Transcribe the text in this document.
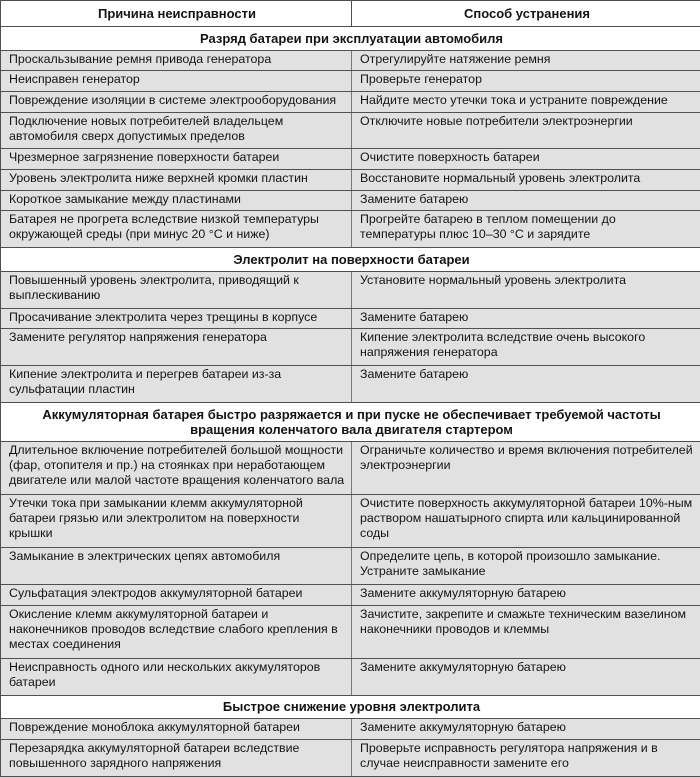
Причина неисправности	Способ устранения
Разряд батареи при эксплуатации автомобиля	
Проскальзывание ремня привода генератора	Отрегулируйте натяжение ремня
Неисправен генератор	Проверьте генератор
Повреждение изоляции в системе электрооборудования	Найдите место утечки тока и устраните повреждение
Подключение новых потребителей владельцем автомобиля сверх допустимых пределов	Отключите новые потребители электроэнергии
Чрезмерное загрязнение поверхности батареи	Очистите поверхность батареи
Уровень электролита ниже верхней кромки пластин	Восстановите нормальный уровень электролита
Короткое замыкание между пластинами	Замените батарею
Батарея не прогрета вследствие низкой температуры окружающей среды (при минус 20 °С и ниже)	Прогрейте батарею в теплом помещении до температуры плюс 10–30 °С и зарядите
Электролит на поверхности батареи	
Повышенный уровень электролита, приводящий к выплескиванию	Установите нормальный уровень электролита
Просачивание электролита через трещины в корпусе	Замените батарею
Замените регулятор напряжения генератора	Кипение электролита вследствие очень высокого напряжения генератора
Кипение электролита и перегрев батареи из-за сульфатации пластин	Замените батарею
Аккумуляторная батарея быстро разряжается и при пуске не обеспечивает требуемой частоты вращения коленчатого вала двигателя стартером	
Длительное включение потребителей большой мощности (фар, отопителя и пр.) на стоянках при неработающем двигателе или малой частоте вращения коленчатого вала	Ограничьте количество и время включения потребителей электроэнергии
Утечки тока при замыкании клемм аккумуляторной батареи грязью или электролитом на поверхности крышки	Очистите поверхность аккумуляторной батареи 10%-ным раствором нашатырного спирта или кальцинированной соды
Замыкание в электрических цепях автомобиля	Определите цепь, в которой произошло замыкание. Устраните замыкание
Сульфатация электродов аккумуляторной батареи	Замените аккумуляторную батарею
Окисление клемм аккумуляторной батареи и наконечников проводов вследствие слабого крепления в местах соединения	Зачистите, закрепите и смажьте техническим вазелином наконечники проводов и клеммы
Неисправность одного или нескольких аккумуляторов батареи	Замените аккумуляторную батарею
Быстрое снижение уровня электролита	
Повреждение моноблока аккумуляторной батареи	Замените аккумуляторную батарею
Перезарядка аккумуляторной батареи вследствие повышенного зарядного напряжения	Проверьте исправность регулятора напряжения и в случае неисправности замените его
